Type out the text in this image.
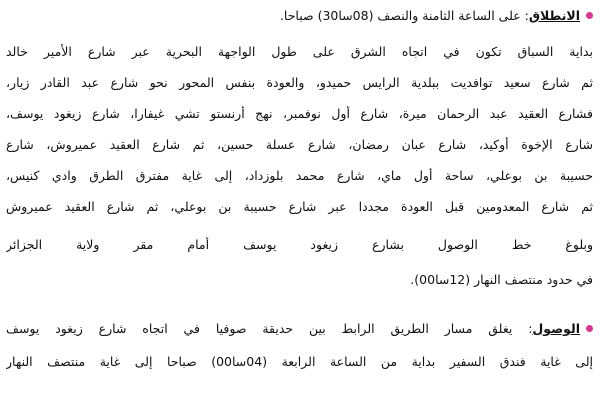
الانطلاق
: على الساعة الثامنة والنصف (08سا30) صباحا.
بداية السباق تكون في اتجاه الشرق على طول الواجهة البحرية عبر شارع الأمير خالد
ثم شارع سعيد توافديت ببلدية الرايس حميدو، والعودة بنفس المحور نحو شارع عبد القادر زيار،
فشارع العقيد عبد الرحمان ميرة، شارع أول نوفمبر، نهج أرنستو تشي غيفارا، شارع زيغود يوسف،
شارع الإخوة أوكيد، شارع عبان رمضان، شارع عسلة حسين، ثم شارع العقيد عميروش، شارع
حسيبة بن بوعلي، ساحة أول ماي، شارع محمد بلوزداد، إلى غاية مفترق الطرق وادي كنيس،
ثم شارع المعدومين قبل العودة مجددا عبر شارع حسيبة بن بوعلي، ثم شارع العقيد عميروش
وبلوغ خط الوصول بشارع زيغود يوسف أمام مقر ولاية الجزائر
في حدود منتصف النهار (12سا00).
الوصول
: يغلق مسار الطريق الرابط بين حديقة صوفيا في اتجاه شارع زيغود يوسف
إلى غاية فندق السفير بداية من الساعة الرابعة (04سا00) صباحا إلى غاية منتصف النهار
